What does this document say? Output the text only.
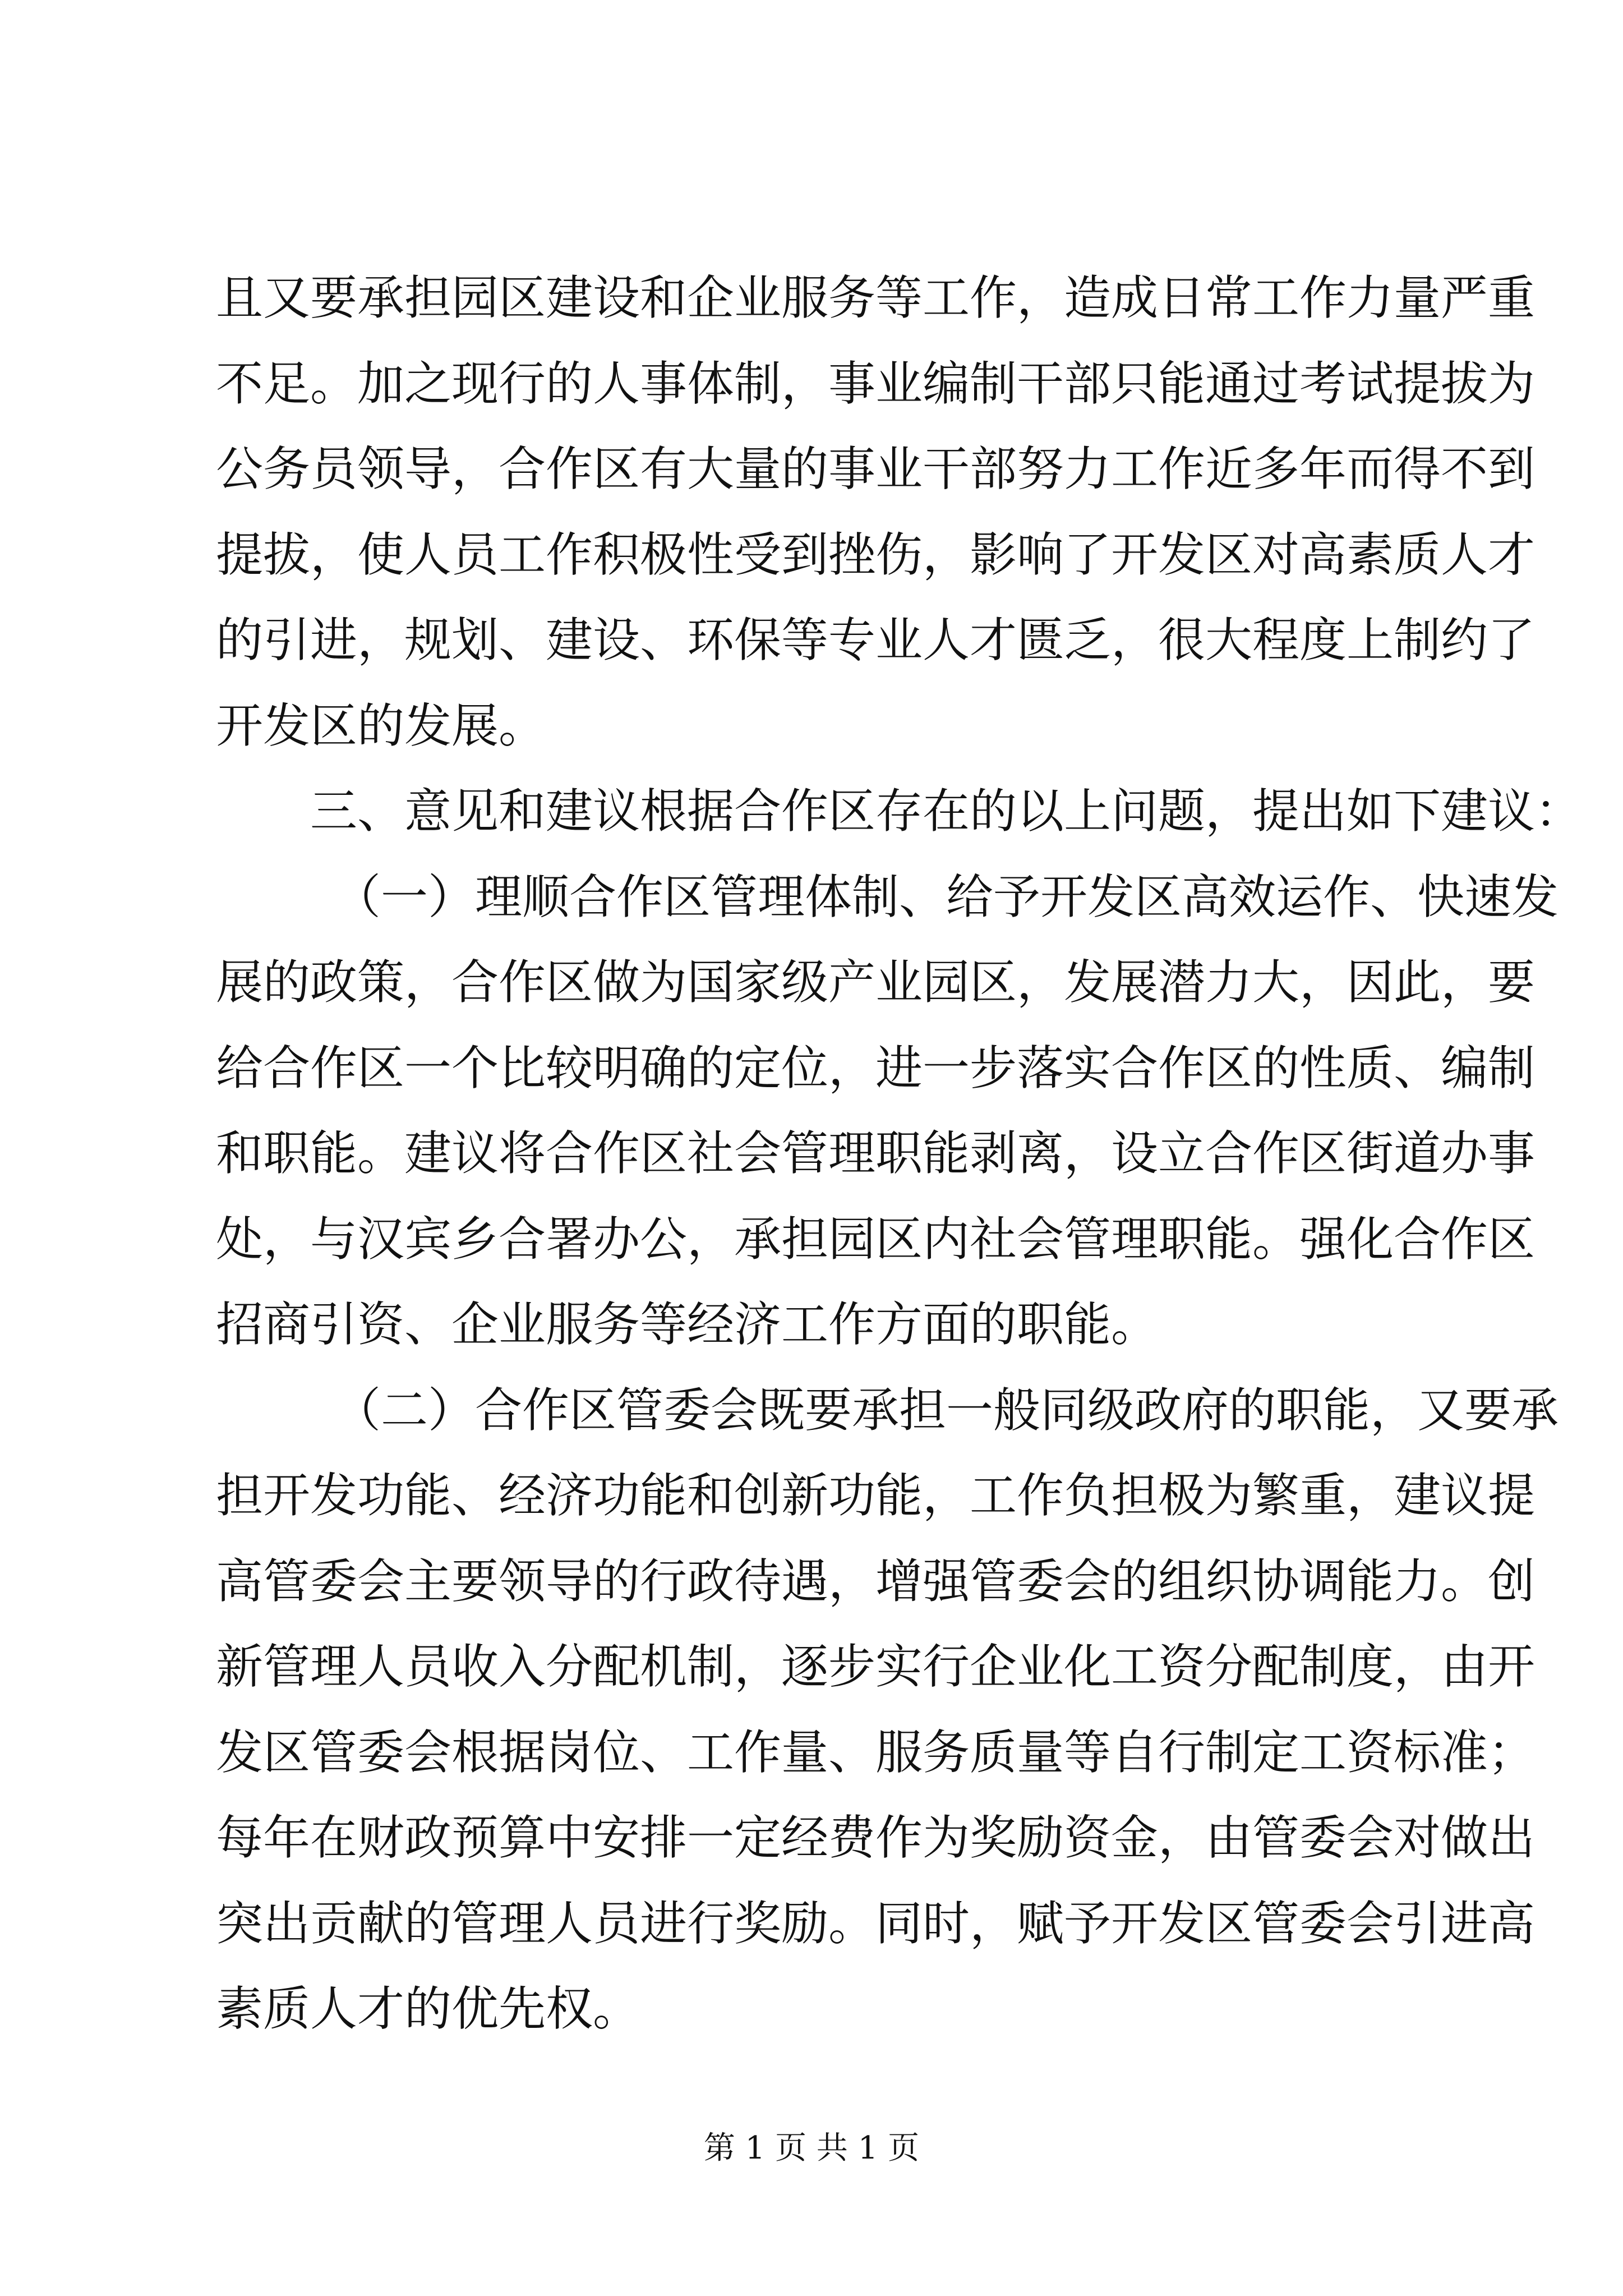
且又要承担园区建设和企业服务等工作，造成日常工作力量严重
不足。加之现行的人事体制，事业编制干部只能通过考试提拔为
公务员领导，合作区有大量的事业干部努力工作近多年而得不到
提拔，使人员工作积极性受到挫伤，影响了开发区对高素质人才
的引进，规划、建设、环保等专业人才匮乏，很大程度上制约了
开发区的发展。
三、意见和建议根据合作区存在的以上问题，提出如下建议：
（一）理顺合作区管理体制、给予开发区高效运作、快速发
展的政策，合作区做为国家级产业园区，发展潜力大，因此，要
给合作区一个比较明确的定位，进一步落实合作区的性质、编制
和职能。建议将合作区社会管理职能剥离，设立合作区街道办事
处，与汉宾乡合署办公，承担园区内社会管理职能。强化合作区
招商引资、企业服务等经济工作方面的职能。
（二）合作区管委会既要承担一般同级政府的职能，又要承
担开发功能、经济功能和创新功能，工作负担极为繁重，建议提
高管委会主要领导的行政待遇，增强管委会的组织协调能力。创
新管理人员收入分配机制，逐步实行企业化工资分配制度，由开
发区管委会根据岗位、工作量、服务质量等自行制定工资标准；
每年在财政预算中安排一定经费作为奖励资金，由管委会对做出
突出贡献的管理人员进行奖励。同时，赋予开发区管委会引进高
素质人才的优先权。
第 1 页 共 1 页
